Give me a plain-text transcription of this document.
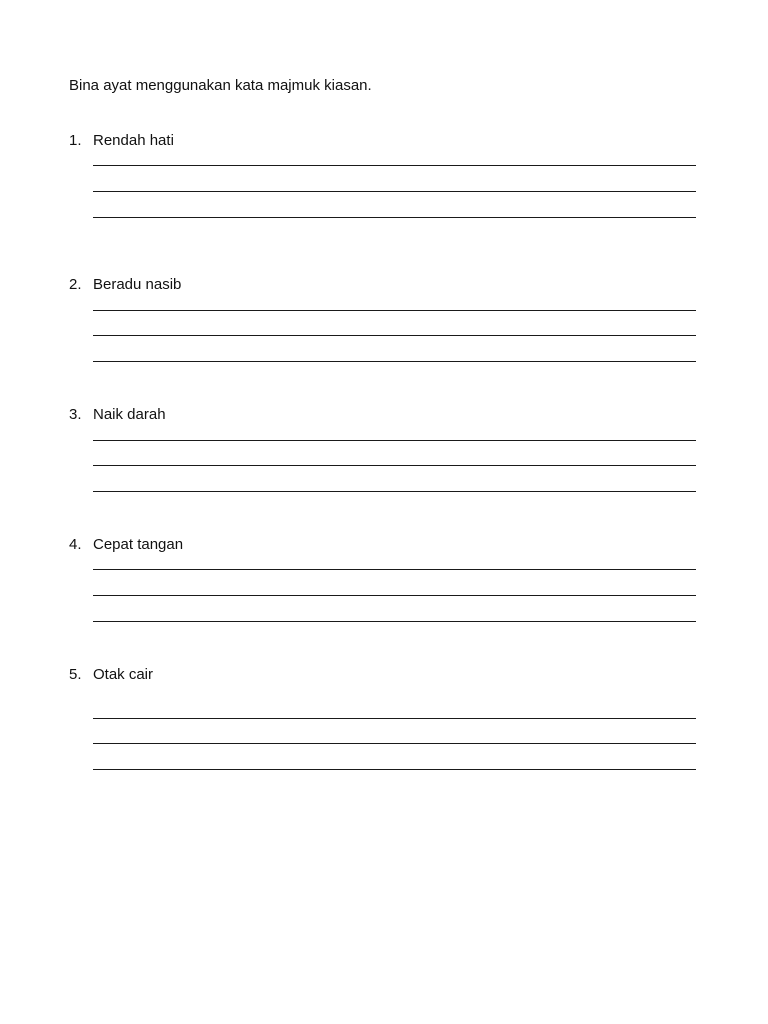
Bina ayat menggunakan kata majmuk kiasan.
1. Rendah hati
2. Beradu nasib
3. Naik darah
4. Cepat tangan
5. Otak cair
